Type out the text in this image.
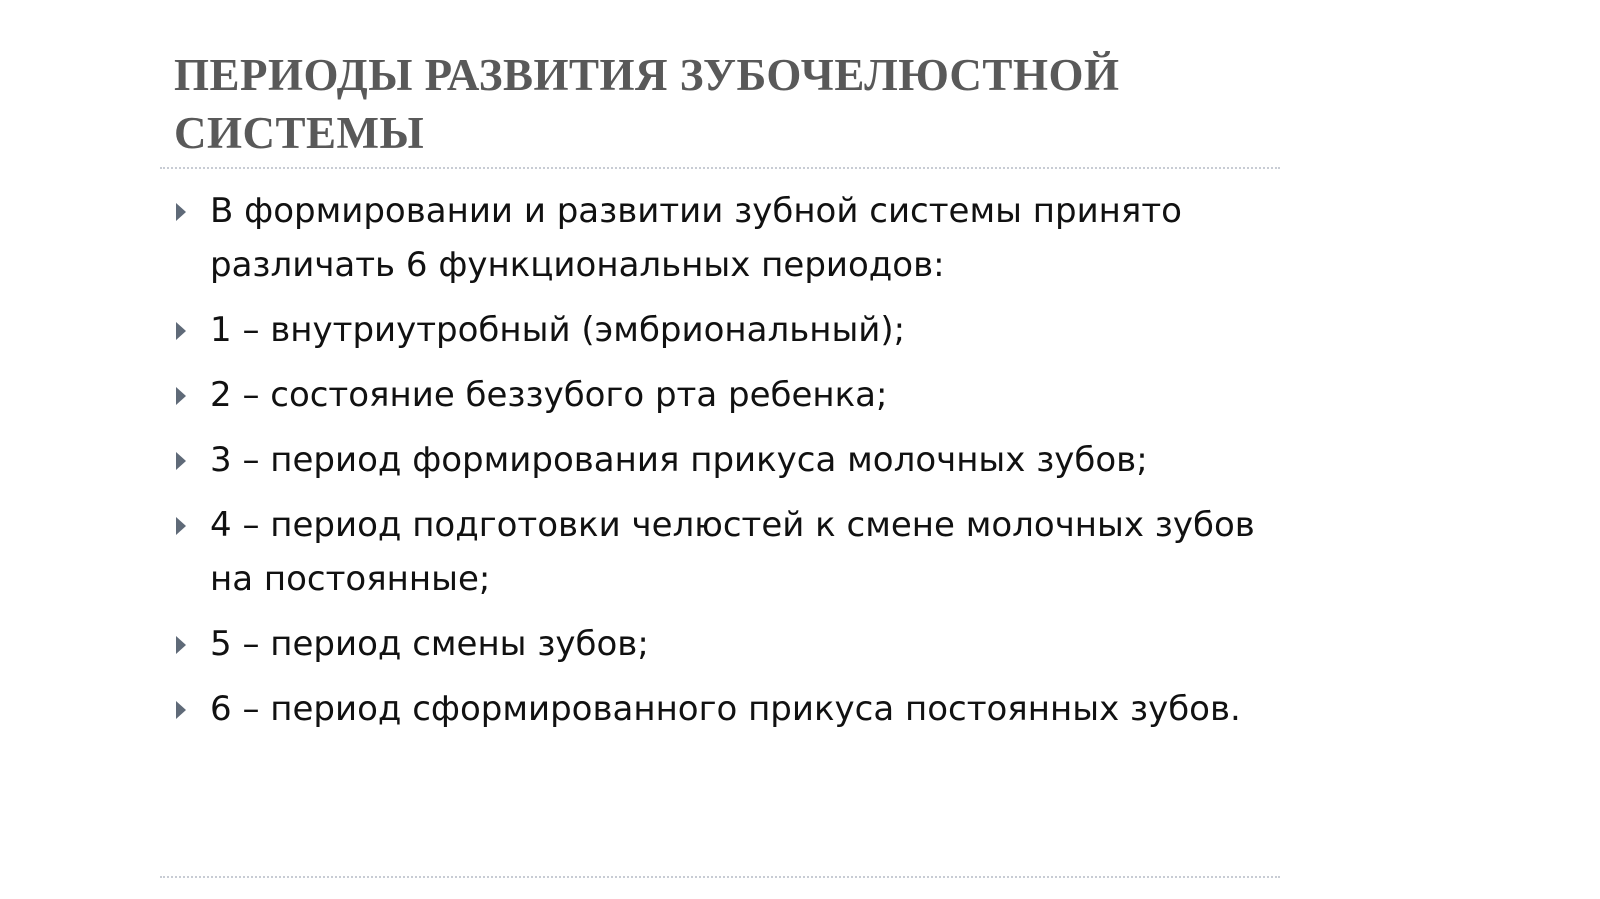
ПЕРИОДЫ РАЗВИТИЯ ЗУБОЧЕЛЮСТНОЙ СИСТЕМЫ
В формировании и развитии зубной системы принято различать 6 функциональных периодов:
1 – внутриутробный (эмбриональный);
2 – состояние беззубого рта ребенка;
3 – период формирования прикуса молочных зубов;
4 – период подготовки челюстей к смене молочных зубов на постоянные;
5 – период смены зубов;
6 – период сформированного прикуса постоянных зубов.
